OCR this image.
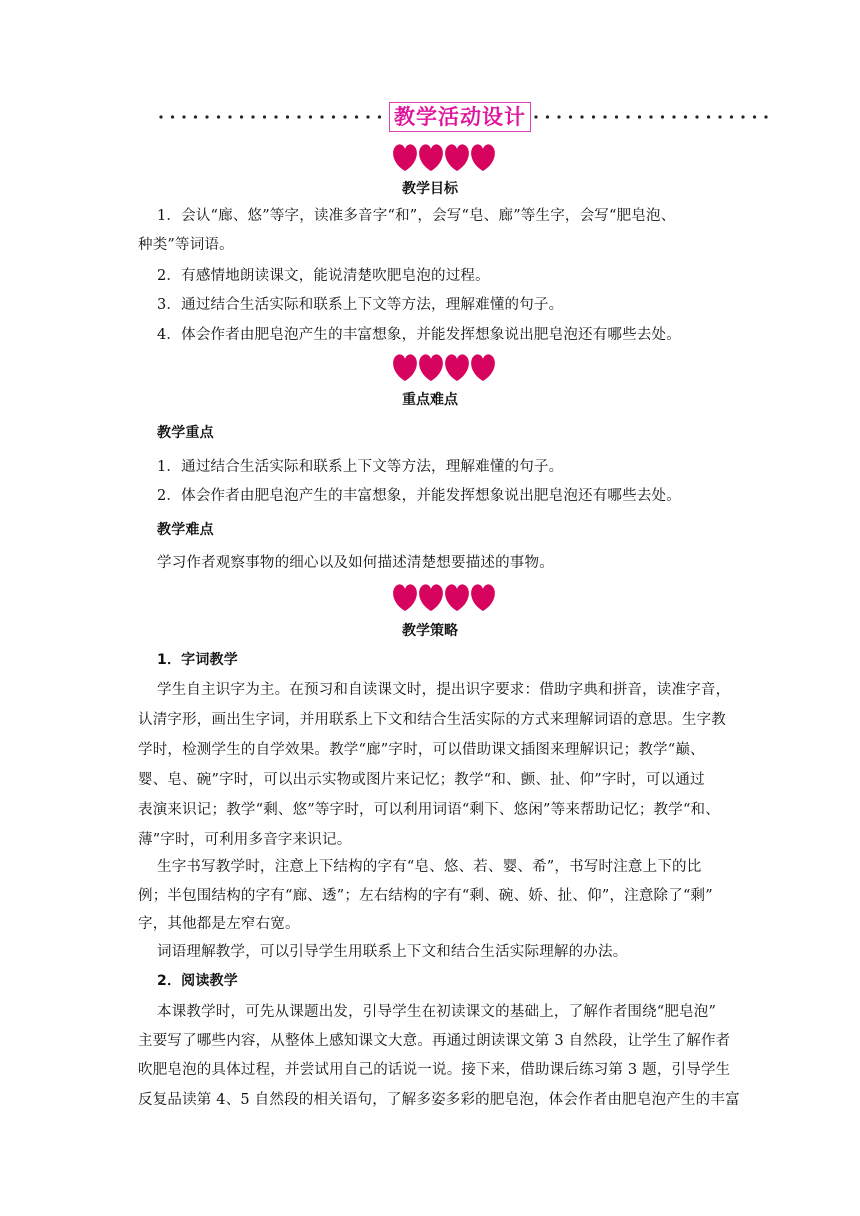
教学活动设计
教学目标
1．会认“廊、悠”等字，读准多音字“和”，会写“皂、廊”等生字，会写“肥皂泡、
种类”等词语。
2．有感情地朗读课文，能说清楚吹肥皂泡的过程。
3．通过结合生活实际和联系上下文等方法，理解难懂的句子。
4．体会作者由肥皂泡产生的丰富想象，并能发挥想象说出肥皂泡还有哪些去处。
重点难点
教学重点
1．通过结合生活实际和联系上下文等方法，理解难懂的句子。
2．体会作者由肥皂泡产生的丰富想象，并能发挥想象说出肥皂泡还有哪些去处。
教学难点
学习作者观察事物的细心以及如何描述清楚想要描述的事物。
教学策略
1．字词教学
学生自主识字为主。在预习和自读课文时，提出识字要求：借助字典和拼音，读准字音，
认清字形，画出生字词，并用联系上下文和结合生活实际的方式来理解词语的意思。生字教
学时，检测学生的自学效果。教学“廊”字时，可以借助课文插图来理解识记；教学“巅、
婴、皂、碗”字时，可以出示实物或图片来记忆；教学“和、颤、扯、仰”字时，可以通过
表演来识记；教学“剩、悠”等字时，可以利用词语“剩下、悠闲”等来帮助记忆；教学“和、
薄”字时，可利用多音字来识记。
生字书写教学时，注意上下结构的字有“皂、悠、若、婴、希”，书写时注意上下的比
例；半包围结构的字有“廊、透”；左右结构的字有“剩、碗、娇、扯、仰”，注意除了“剩”
字，其他都是左窄右宽。
词语理解教学，可以引导学生用联系上下文和结合生活实际理解的办法。
2．阅读教学
本课教学时，可先从课题出发，引导学生在初读课文的基础上，了解作者围绕“肥皂泡”
主要写了哪些内容，从整体上感知课文大意。再通过朗读课文第 3 自然段，让学生了解作者
吹肥皂泡的具体过程，并尝试用自己的话说一说。接下来，借助课后练习第 3 题，引导学生
反复品读第 4、5 自然段的相关语句，了解多姿多彩的肥皂泡，体会作者由肥皂泡产生的丰富
